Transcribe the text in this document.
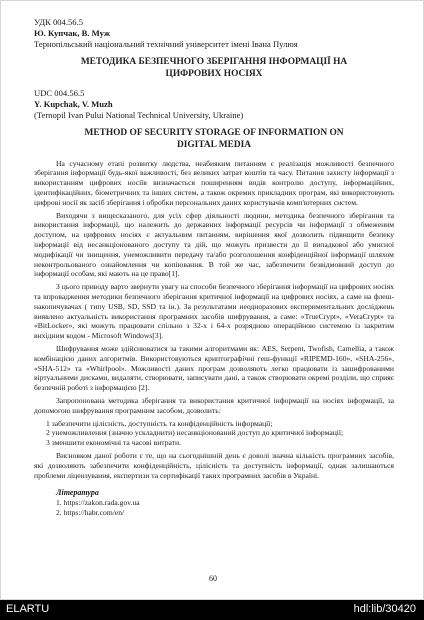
УДК 004.56.5
Ю. Купчак, В. Муж
Тернопільський національний технічний університет імені Івана Пулюя
МЕТОДИКА БЕЗПЕЧНОГО ЗБЕРІГАННЯ ІНФОРМАЦІЇ НА
ЦИФРОВИХ НОСІЯХ
UDC 004.56.5
Y. Kupchak, V. Muzh
(Ternopil Ivan Pului National Technical University, Ukraine)
METHOD OF SECURITY STORAGE OF INFORMATION ON
DIGITAL MEDIA

На сучасному етапі розвитку людства, неабияким питанням є реалізація можливості безпечного зберігання інформації будь-якої важливості, без великих затрат коштів та часу. Питання захисту інформації з використанням цифрових носіїв визначається поширенням видів контролю доступу, інформаційних, ідентифікаційних, біометричних та інших систем, а також окремих прикладних програм, які використовують цифрові носії як засіб зберігання і обробки персональних даних користувачів комп'ютерних систем.

Виходячи з вищесказаного, для усіх сфер діяльності людини, методика безпечного зберігання та використання інформації, що належить до державних інформації ресурсів чи інформації з обмеженим доступом, на цифрових носіях є актуальним питанням, вирішення якої дозволить підвищити безпеку інформації від несанкціонованого доступу та дій, що можуть призвести до її випадкової або умисної модифікації чи знищення, унеможливити передачу та/або розголошення конфіденційної інформації шляхом неконтрольованого ознайомлення чи копіювання. В той же час, забезпечити безвідмовний доступ до інформації особам, які мають на це право[1].

З цього приводу варто звернути увагу на способи безпечного зберігання інформації на цифрових носіях та впровадження методики безпечного зберігання критичної інформації на цифрових носіях, а саме на флеш-накопичувачах ( типу USB, SD, SSD та ін.). За результатами неодноразових експериментальних досліджень виявлено актуальність використання програмних засобів шифрування, а саме: «TrueCrypt», «VeraCrypt» та «BitLocker», які можуть працювати спільно з 32-х і 64-х розрядною операційною системою із закритим вихідним кодом - Microsoft Windows[3].

Шифрування може здійснюватися за такими алгоритмами як: AES, Serpent, Twofish, Camellia, а також комбінацією даних алгоритмів. Використовуються криптографічні геш-функції «RIPEMD-160», «SHA-256», «SHA-512» та «Whirlpool». Можливості даних програм дозволяють легко працювати із зашифрованими віртуальними дисками, видаляти, створювати, записувати дані, а також створювати окремі розділи, що сприяє безпечній роботі з інформацією [2].

Запропонована методика зберігання та використання критичної інформації на носіях інформації, за допомогою шифрування програмним засобом, дозволить:

1 забезпечити цілісність, доступність та конфіденційність інформації;
2 унеможливлення (значно ускладнити) несанкціонований доступ до критичної інформації;
3 зменшити економічні та часові витрати.

Висновком даної роботи є те, що на сьогоднішній день є доволі значна кількість програмних засобів, які дозволяють забезпечити конфіденційність, цілісність та доступність інформації, однак залишаються проблеми ліцензування, експертизи та сертифікації таких програмних засобів в Україні.

Література
1. https://zakon.rada.gov.ua
2. https://habr.com/en/
60
ELARTU	hdl:lib/30420
